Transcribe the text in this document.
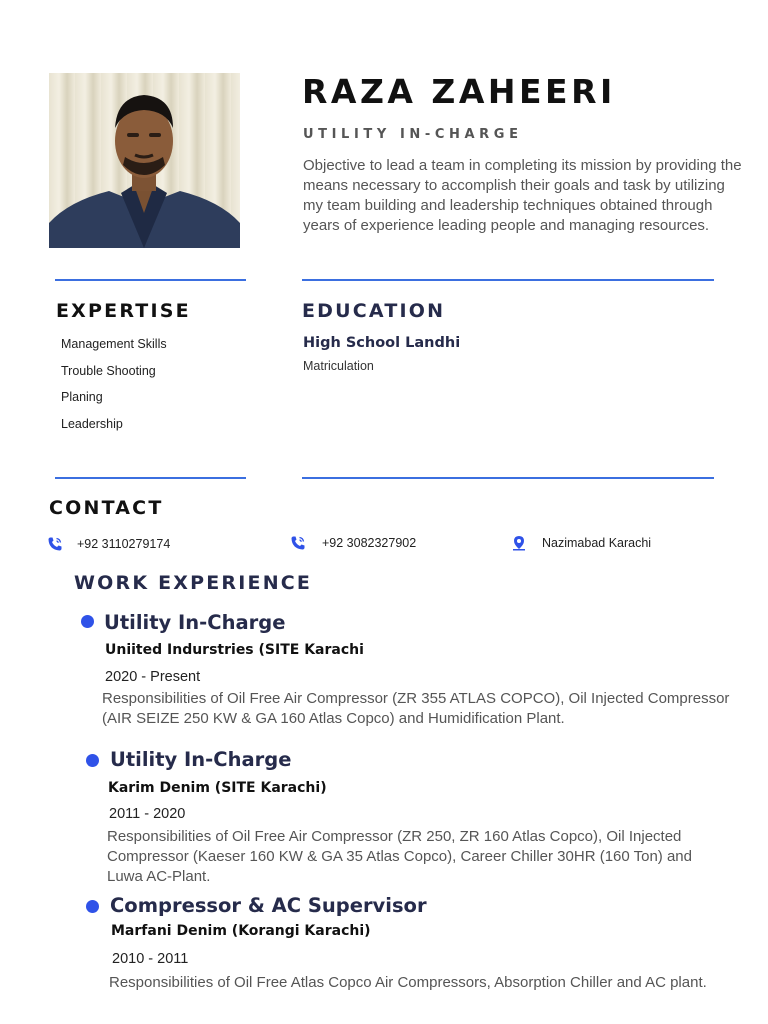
RAZA ZAHEERI
UTILITY IN-CHARGE
Objective to lead a team in completing its mission by providing the means necessary to accomplish their goals and task by utilizing my team building and leadership techniques obtained through years of experience leading people and managing resources.
EXPERTISE
Management Skills
Trouble Shooting
Planing
Leadership
EDUCATION
High School Landhi
Matriculation
CONTACT
+92 3110279174	+92 3082327902	Nazimabad Karachi
WORK EXPERIENCE
Utility In-Charge
Uniited Indurstries (SITE Karachi
2020 - Present
Responsibilities of Oil Free Air Compressor (ZR 355 ATLAS COPCO), Oil Injected Compressor (AIR SEIZE 250 KW & GA 160 Atlas Copco) and Humidification Plant.
Utility In-Charge
Karim Denim (SITE Karachi)
2011 - 2020
Responsibilities of Oil Free Air Compressor (ZR 250, ZR 160 Atlas Copco), Oil Injected Compressor (Kaeser 160 KW & GA 35 Atlas Copco), Career Chiller 30HR (160 Ton) and Luwa AC-Plant.
Compressor & AC Supervisor
Marfani Denim (Korangi Karachi)
2010 - 2011
Responsibilities of Oil Free Atlas Copco Air Compressors, Absorption Chiller and AC plant.
